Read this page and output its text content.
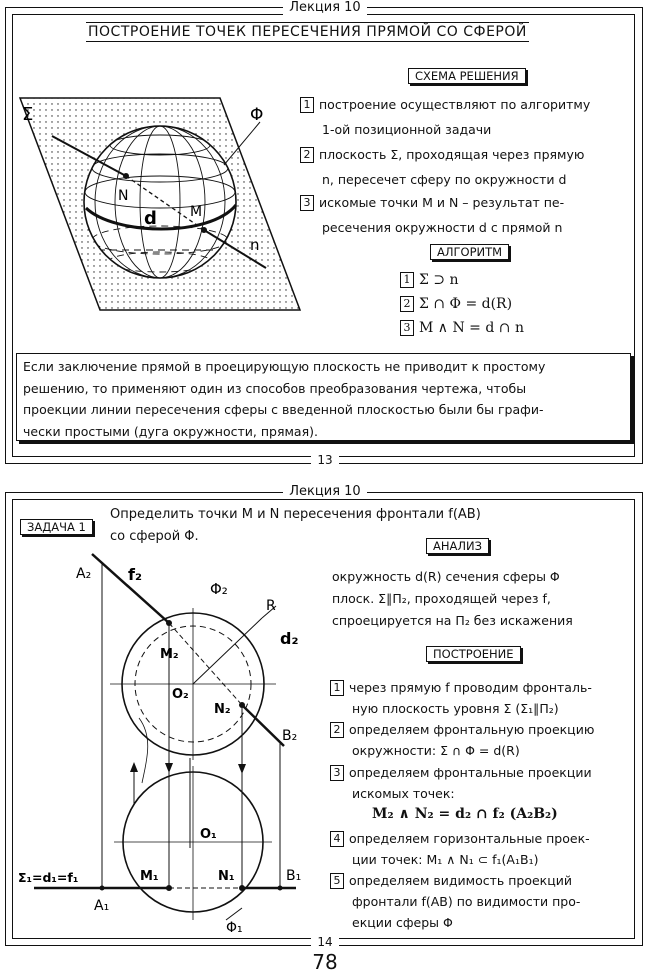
Лекция 10
ПОСТРОЕНИЕ ТОЧЕК ПЕРЕСЕЧЕНИЯ ПРЯМОЙ СО СФЕРОЙ
Σ	Φ
N
M
d
n
СХЕМА РЕШЕНИЯ
1 построение осуществляют по алгоритму
1-ой позиционной задачи
2 плоскость Σ, проходящая через прямую
n, пересечет сферу по окружности d
3 искомые точки M и N – результат пе-
ресечения окружности d с прямой n
АЛГОРИТМ
1 Σ ⊃ n
2 Σ ∩ Φ = d(R)
3 M ∧ N = d ∩ n
Если заключение прямой в проецирующую плоскость не приводит к простому
решению, то применяют один из способов преобразования чертежа, чтобы
проекции линии пересечения сферы с введенной плоскостью были бы графи-
чески простыми (дуга окружности, прямая).
13
Лекция 10
ЗАДАЧА 1
Определить точки M и N пересечения фронтали f(AB)
со сферой Φ.
A₂ f₂
Φ₂
R
d₂
M₂
O₂
N₂
B₂
O₁
Σ₁=d₁=f₁	M₁	N₁	B₁
A₁
Φ₁
АНАЛИЗ
окружность d(R) сечения сферы Φ
плоск. Σ∥Π₂, проходящей через f,
спроецируется на Π₂ без искажения
ПОСТРОЕНИЕ
1 через прямую f проводим фронталь-
ную плоскость уровня Σ (Σ₁∥Π₂)
2 определяем фронтальную проекцию
окружности: Σ ∩ Φ = d(R)
3 определяем фронтальные проекции
искомых точек:
M₂ ∧ N₂ = d₂ ∩ f₂ (A₂B₂)
4 определяем горизонтальные проек-
ции точек: M₁ ∧ N₁ ⊂ f₁(A₁B₁)
5 определяем видимость проекций
фронтали f(AB) по видимости про-
екции сферы Φ
14
78
